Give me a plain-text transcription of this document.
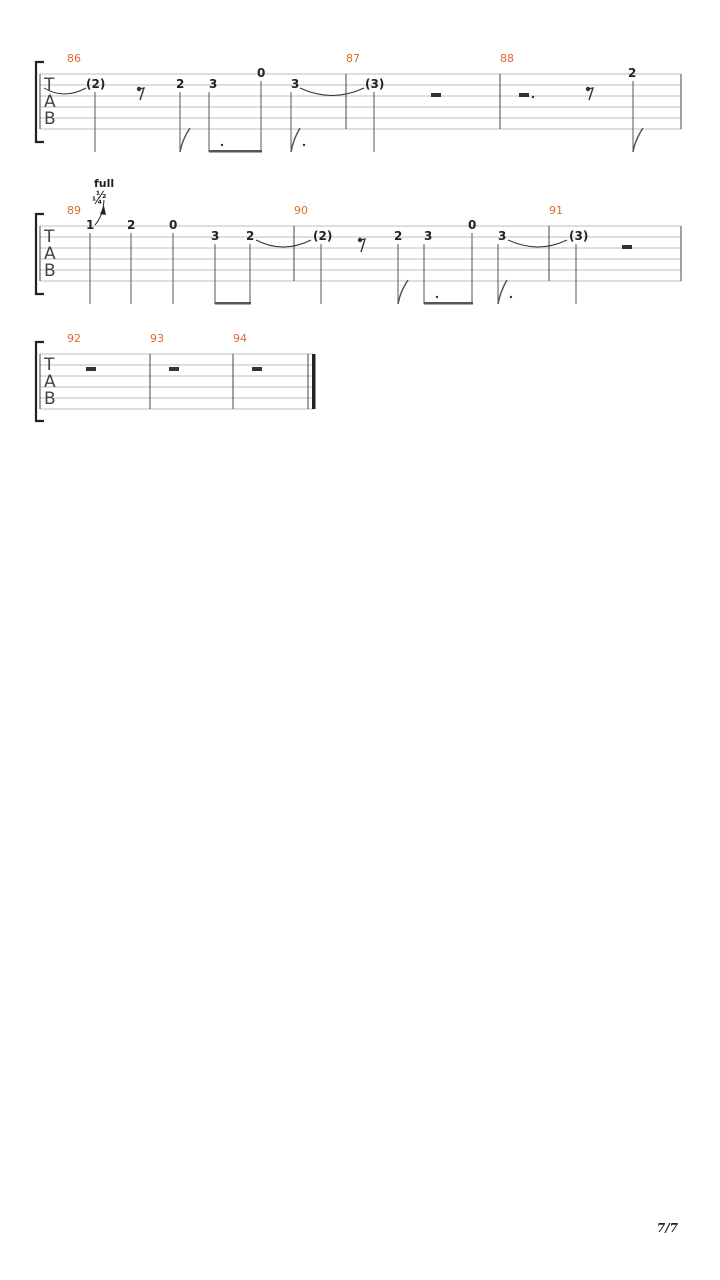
T
A
B
86	87	88
(2)	2 3
0
3	(3)
2
T
A
B
89	90	91
full
½
¼
1	2	0
3 2	(2)	2 3
0
3	(3)
T
A
B
92	93	94
7/7
